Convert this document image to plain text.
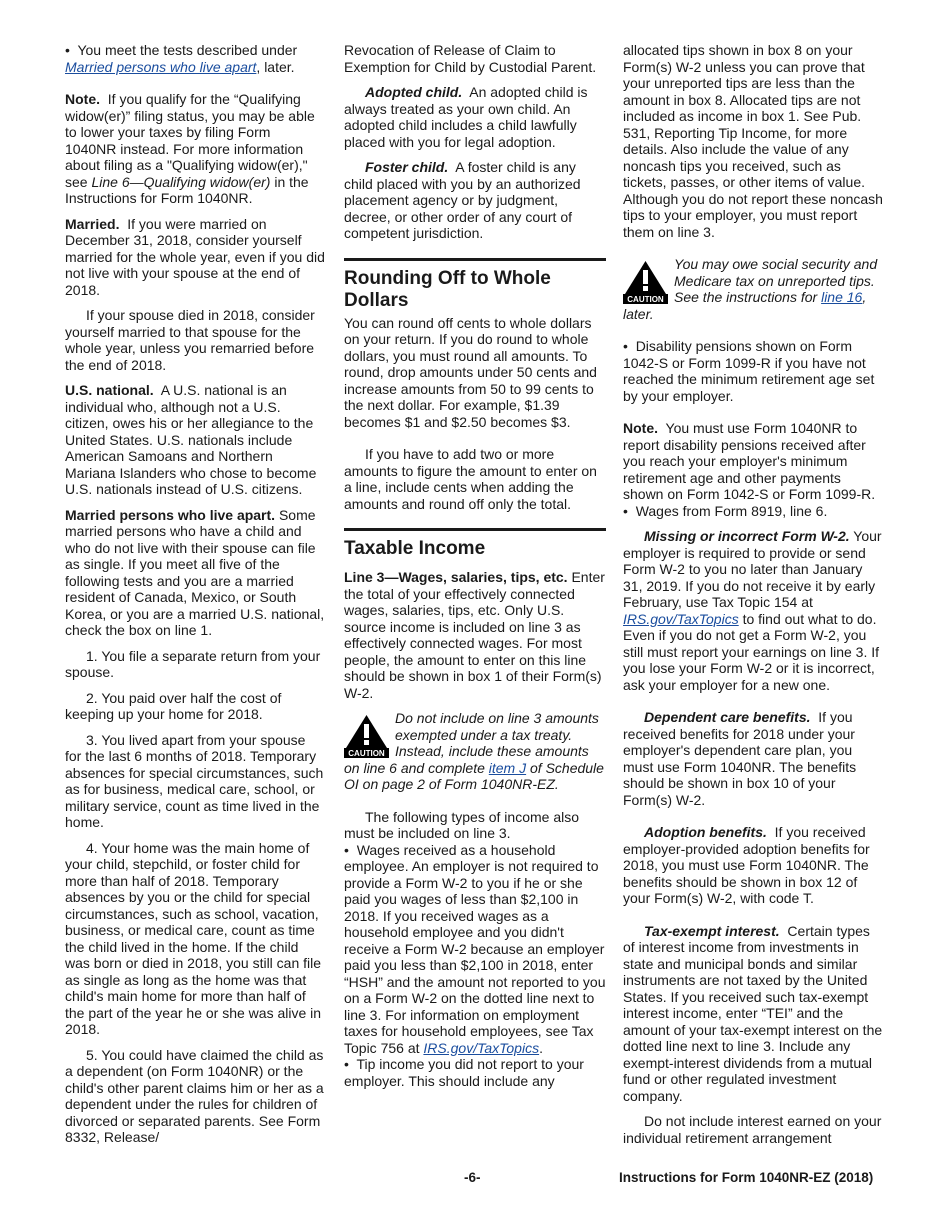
•  You meet the tests described under Married persons who live apart, later.

Note. If you qualify for the “Qualifying widow(er)” filing status, you may be able to lower your taxes by filing Form 1040NR instead. For more information about filing as a "Qualifying widow(er)," see Line 6—Qualifying widow(er) in the Instructions for Form 1040NR.

Married. If you were married on December 31, 2018, consider yourself married for the whole year, even if you did not live with your spouse at the end of 2018.

If your spouse died in 2018, consider yourself married to that spouse for the whole year, unless you remarried before the end of 2018.

U.S. national. A U.S. national is an individual who, although not a U.S. citizen, owes his or her allegiance to the United States. U.S. nationals include American Samoans and Northern Mariana Islanders who chose to become U.S. nationals instead of U.S. citizens.

Married persons who live apart. Some married persons who have a child and who do not live with their spouse can file as single. If you meet all five of the following tests and you are a married resident of Canada, Mexico, or South Korea, or you are a married U.S. national, check the box on line 1.

1. You file a separate return from your spouse.

2. You paid over half the cost of keeping up your home for 2018.

3. You lived apart from your spouse for the last 6 months of 2018. Temporary absences for special circumstances, such as for business, medical care, school, or military service, count as time lived in the home.

4. Your home was the main home of your child, stepchild, or foster child for more than half of 2018. Temporary absences by you or the child for special circumstances, such as school, vacation, business, or medical care, count as time the child lived in the home. If the child was born or died in 2018, you still can file as single as long as the home was that child's main home for more than half of the part of the year he or she was alive in 2018.

5. You could have claimed the child as a dependent (on Form 1040NR) or the child's other parent claims him or her as a dependent under the rules for children of divorced or separated parents. See Form 8332, Release/

Revocation of Release of Claim to Exemption for Child by Custodial Parent.

Adopted child. An adopted child is always treated as your own child. An adopted child includes a child lawfully placed with you for legal adoption.

Foster child. A foster child is any child placed with you by an authorized placement agency or by judgment, decree, or other order of any court of competent jurisdiction.

Rounding Off to Whole Dollars

You can round off cents to whole dollars on your return. If you do round to whole dollars, you must round all amounts. To round, drop amounts under 50 cents and increase amounts from 50 to 99 cents to the next dollar. For example, $1.39 becomes $1 and $2.50 becomes $3.

If you have to add two or more amounts to figure the amount to enter on a line, include cents when adding the amounts and round off only the total.

Taxable Income

Line 3—Wages, salaries, tips, etc. Enter the total of your effectively connected wages, salaries, tips, etc. Only U.S. source income is included on line 3 as effectively connected wages. For most people, the amount to enter on this line should be shown in box 1 of their Form(s) W-2.

CAUTION
Do not include on line 3 amounts exempted under a tax treaty. Instead, include these amounts on line 6 and complete item J of Schedule OI on page 2 of Form 1040NR-EZ.

The following types of income also must be included on line 3.

•  Wages received as a household employee. An employer is not required to provide a Form W-2 to you if he or she paid you wages of less than $2,100 in 2018. If you received wages as a household employee and you didn't receive a Form W-2 because an employer paid you less than $2,100 in 2018, enter “HSH” and the amount not reported to you on a Form W-2 on the dotted line next to line 3. For information on employment taxes for household employees, see Tax Topic 756 at IRS.gov/TaxTopics.

•  Tip income you did not report to your employer. This should include any

allocated tips shown in box 8 on your Form(s) W-2 unless you can prove that your unreported tips are less than the amount in box 8. Allocated tips are not included as income in box 1. See Pub. 531, Reporting Tip Income, for more details. Also include the value of any noncash tips you received, such as tickets, passes, or other items of value. Although you do not report these noncash tips to your employer, you must report them on line 3.

CAUTION
You may owe social security and Medicare tax on unreported tips. See the instructions for line 16, later.

•  Disability pensions shown on Form 1042-S or Form 1099-R if you have not reached the minimum retirement age set by your employer.

Note. You must use Form 1040NR to report disability pensions received after you reach your employer's minimum retirement age and other payments shown on Form 1042-S or Form 1099-R.

•  Wages from Form 8919, line 6.

Missing or incorrect Form W-2. Your employer is required to provide or send Form W-2 to you no later than January 31, 2019. If you do not receive it by early February, use Tax Topic 154 at IRS.gov/TaxTopics to find out what to do. Even if you do not get a Form W-2, you still must report your earnings on line 3. If you lose your Form W-2 or it is incorrect, ask your employer for a new one.

Dependent care benefits. If you received benefits for 2018 under your employer's dependent care plan, you must use Form 1040NR. The benefits should be shown in box 10 of your Form(s) W-2.

Adoption benefits. If you received employer-provided adoption benefits for 2018, you must use Form 1040NR. The benefits should be shown in box 12 of your Form(s) W-2, with code T.

Tax-exempt interest. Certain types of interest income from investments in state and municipal bonds and similar instruments are not taxed by the United States. If you received such tax-exempt interest income, enter “TEI” and the amount of your tax-exempt interest on the dotted line next to line 3. Include any exempt-interest dividends from a mutual fund or other regulated investment company.

Do not include interest earned on your individual retirement arrangement

-6-	Instructions for Form 1040NR-EZ (2018)
